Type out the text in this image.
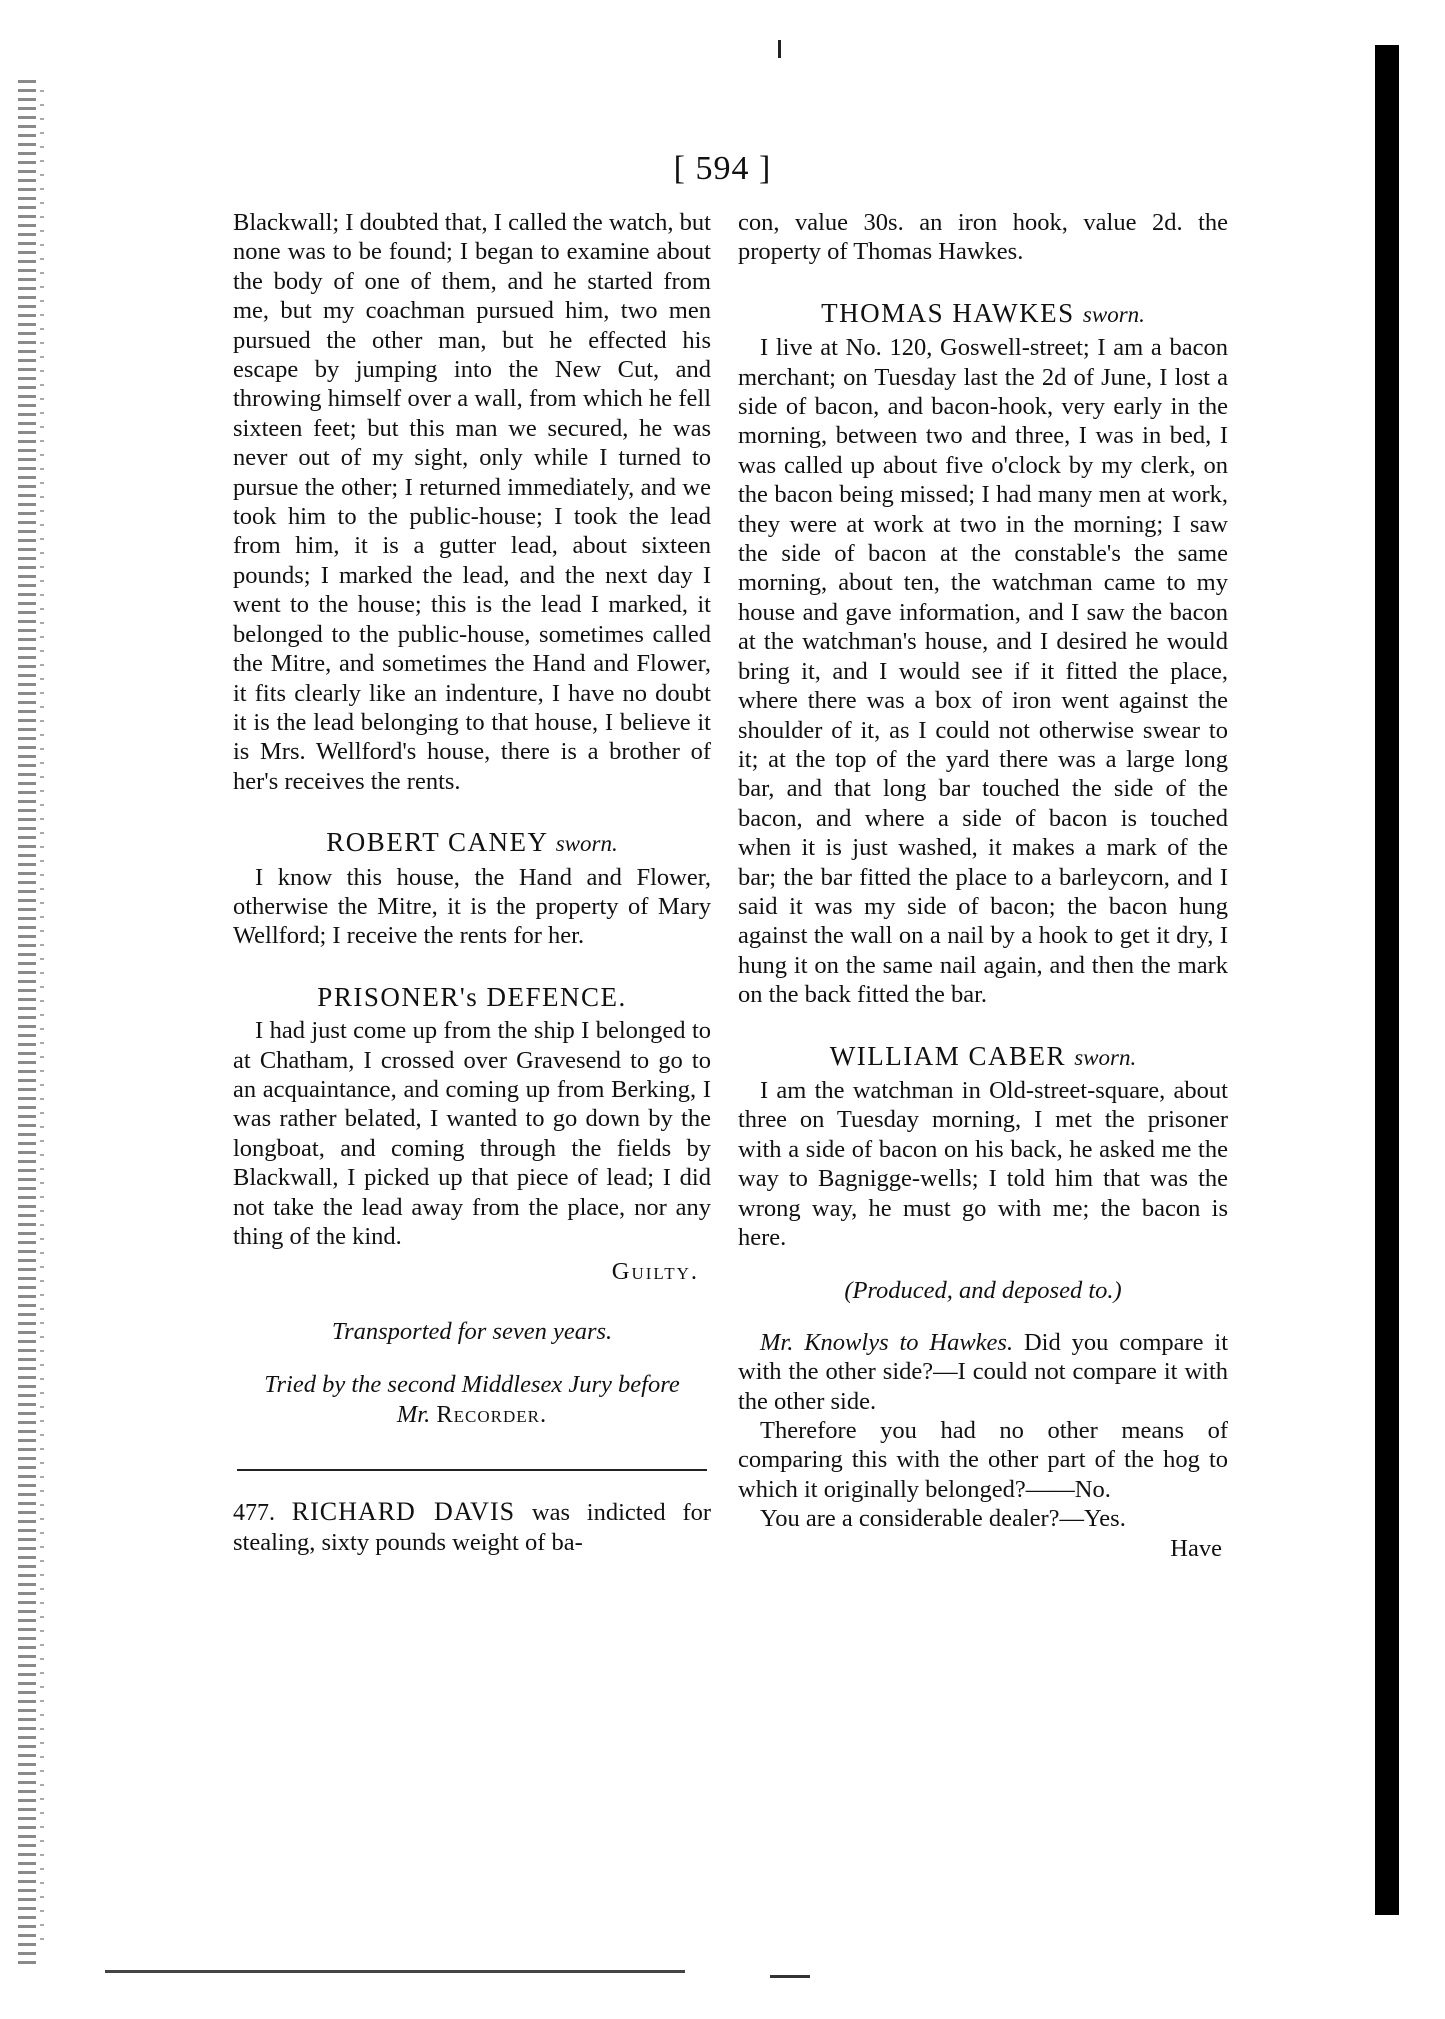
[ 594 ]

Blackwall; I doubted that, I called the watch, but none was to be found; I began to examine about the body of one of them, and he started from me, but my coachman pursued him, two men pursued the other man, but he effected his escape by jumping into the New Cut, and throwing himself over a wall, from which he fell sixteen feet; but this man we secured, he was never out of my sight, only while I turned to pursue the other; I returned immediately, and we took him to the public-house; I took the lead from him, it is a gutter lead, about sixteen pounds; I marked the lead, and the next day I went to the house; this is the lead I marked, it belonged to the public-house, sometimes called the Mitre, and sometimes the Hand and Flower, it fits clearly like an indenture, I have no doubt it is the lead belonging to that house, I believe it is Mrs. Wellford's house, there is a brother of her's receives the rents.

ROBERT CANEY sworn.

I know this house, the Hand and Flower, otherwise the Mitre, it is the property of Mary Wellford; I receive the rents for her.

PRISONER's DEFENCE.

I had just come up from the ship I belonged to at Chatham, I crossed over Gravesend to go to an acquaintance, and coming up from Berking, I was rather belated, I wanted to go down by the longboat, and coming through the fields by Blackwall, I picked up that piece of lead; I did not take the lead away from the place, nor any thing of the kind.

Guilty.
Transported for seven years.
Tried by the second Middlesex Jury before
Mr. Recorder.

477. RICHARD DAVIS was indicted for stealing, sixty pounds weight of ba-

con, value 30s. an iron hook, value 2d. the property of Thomas Hawkes.

THOMAS HAWKES sworn.

I live at No. 120, Goswell-street; I am a bacon merchant; on Tuesday last the 2d of June, I lost a side of bacon, and bacon-hook, very early in the morning, between two and three, I was in bed, I was called up about five o'clock by my clerk, on the bacon being missed; I had many men at work, they were at work at two in the morning; I saw the side of bacon at the constable's the same morning, about ten, the watchman came to my house and gave information, and I saw the bacon at the watchman's house, and I desired he would bring it, and I would see if it fitted the place, where there was a box of iron went against the shoulder of it, as I could not otherwise swear to it; at the top of the yard there was a large long bar, and that long bar touched the side of the bacon, and where a side of bacon is touched when it is just washed, it makes a mark of the bar; the bar fitted the place to a barleycorn, and I said it was my side of bacon; the bacon hung against the wall on a nail by a hook to get it dry, I hung it on the same nail again, and then the mark on the back fitted the bar.

WILLIAM CABER sworn.

I am the watchman in Old-street-square, about three on Tuesday morning, I met the prisoner with a side of bacon on his back, he asked me the way to Bagnigge-wells; I told him that was the wrong way, he must go with me; the bacon is here.

(Produced, and deposed to.)

Mr. Knowlys to Hawkes. Did you compare it with the other side?—I could not compare it with the other side.

Therefore you had no other means of comparing this with the other part of the hog to which it originally belonged?——No.

You are a considerable dealer?—Yes.

Have
